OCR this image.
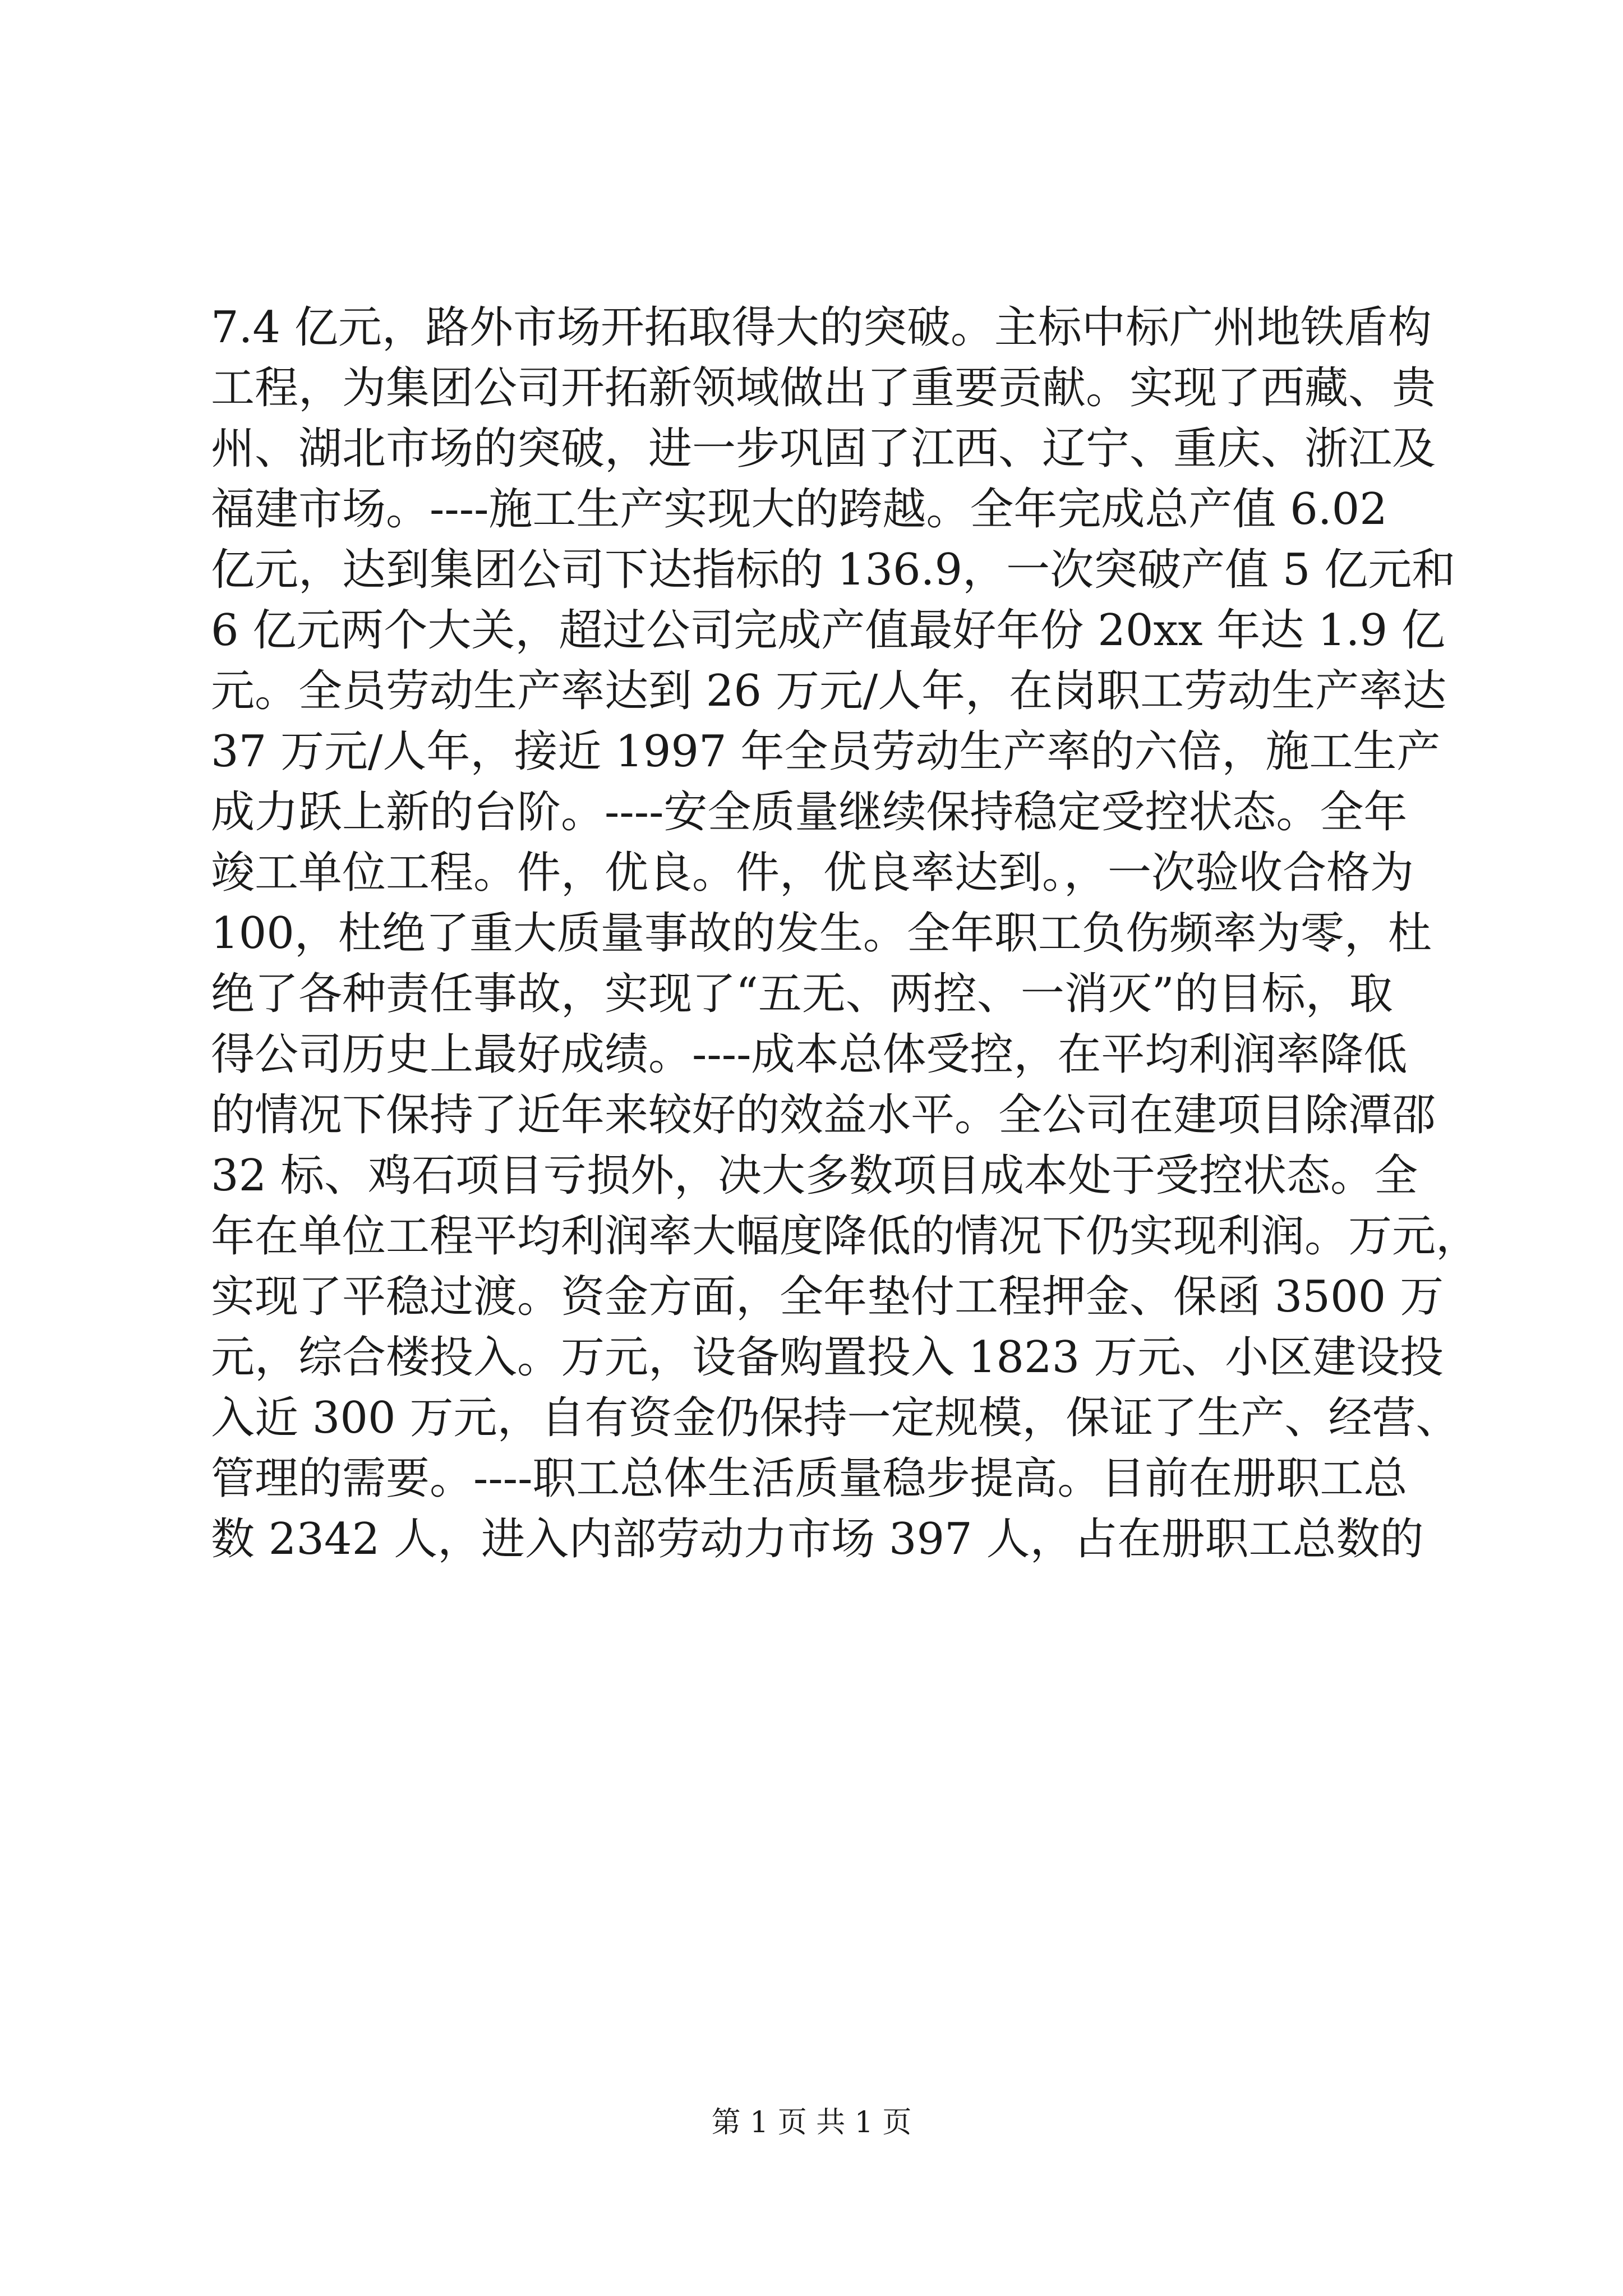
7.4 亿元，路外市场开拓取得大的突破。主标中标广州地铁盾构
工程，为集团公司开拓新领域做出了重要贡献。实现了西藏、贵
州、湖北市场的突破，进一步巩固了江西、辽宁、重庆、浙江及
福建市场。----施工生产实现大的跨越。全年完成总产值 6.02
亿元，达到集团公司下达指标的 136.9，一次突破产值 5 亿元和
6 亿元两个大关，超过公司完成产值最好年份 20xx 年达 1.9 亿
元。全员劳动生产率达到 26 万元/人年，在岗职工劳动生产率达
37 万元/人年，接近 1997 年全员劳动生产率的六倍，施工生产
成力跃上新的台阶。----安全质量继续保持稳定受控状态。全年
竣工单位工程。件，优良。件，优良率达到。，一次验收合格为
100，杜绝了重大质量事故的发生。全年职工负伤频率为零，杜
绝了各种责任事故，实现了“五无、两控、一消灭”的目标，取
得公司历史上最好成绩。----成本总体受控，在平均利润率降低
的情况下保持了近年来较好的效益水平。全公司在建项目除潭邵
32 标、鸡石项目亏损外，决大多数项目成本处于受控状态。全
年在单位工程平均利润率大幅度降低的情况下仍实现利润。万元，
实现了平稳过渡。资金方面，全年垫付工程押金、保函 3500 万
元，综合楼投入。万元，设备购置投入 1823 万元、小区建设投
入近 300 万元，自有资金仍保持一定规模，保证了生产、经营、
管理的需要。----职工总体生活质量稳步提高。目前在册职工总
数 2342 人，进入内部劳动力市场 397 人，占在册职工总数的
第 1 页 共 1 页
